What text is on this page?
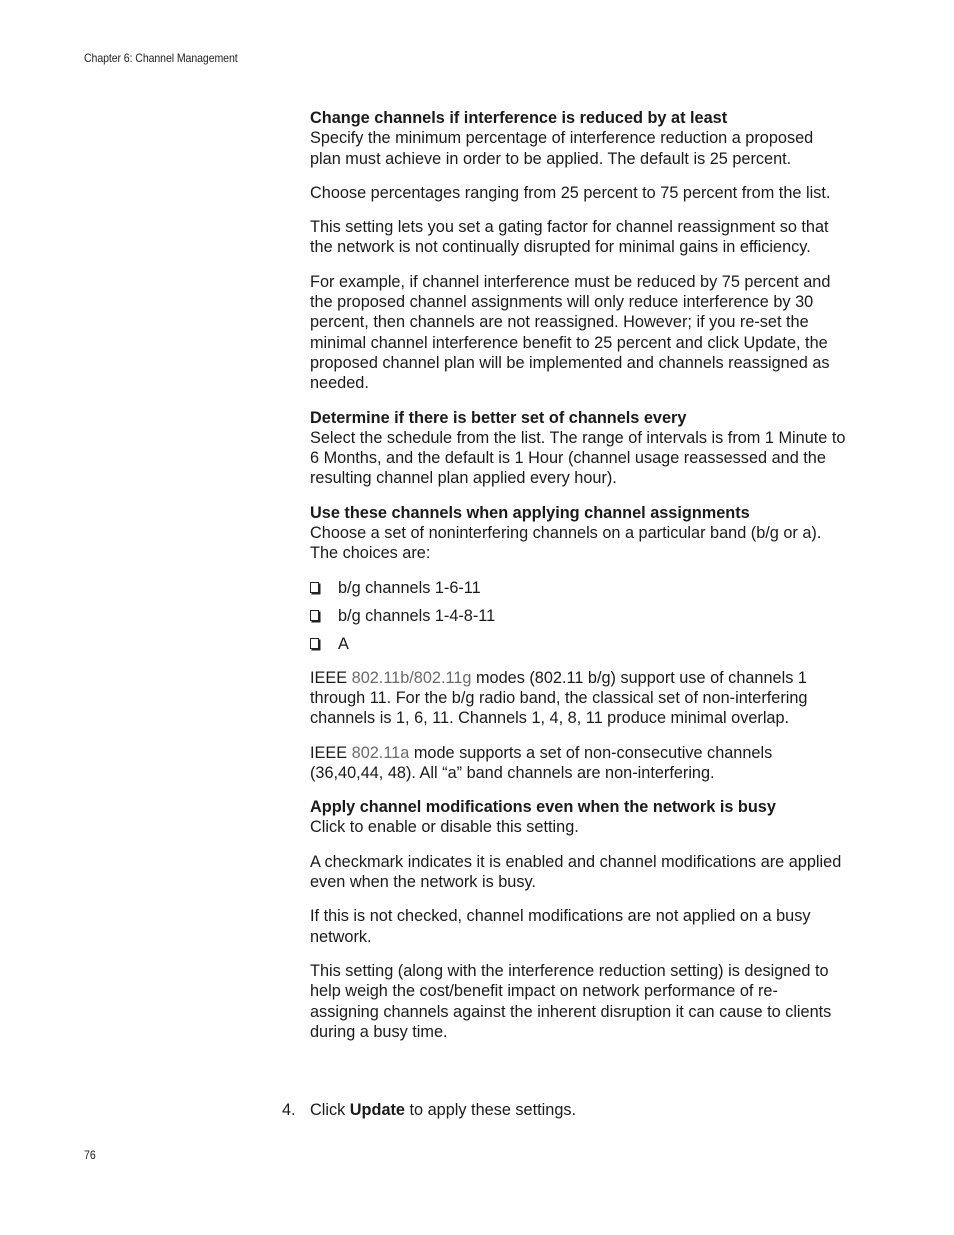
Chapter 6: Channel Management
Change channels if interference is reduced by at least

Specify the minimum percentage of interference reduction a proposed plan must achieve in order to be applied. The default is 25 percent.

Choose percentages ranging from 25 percent to 75 percent from the list.

This setting lets you set a gating factor for channel reassignment so that the network is not continually disrupted for minimal gains in efficiency.

For example, if channel interference must be reduced by 75 percent and the proposed channel assignments will only reduce interference by 30 percent, then channels are not reassigned. However; if you re-set the minimal channel interference benefit to 25 percent and click Update, the proposed channel plan will be implemented and channels reassigned as needed.

Determine if there is better set of channels every

Select the schedule from the list. The range of intervals is from 1 Minute to 6 Months, and the default is 1 Hour (channel usage reassessed and the resulting channel plan applied every hour).

Use these channels when applying channel assignments

Choose a set of noninterfering channels on a particular band (b/g or a). The choices are:

b/g channels 1-6-11
b/g channels 1-4-8-11
A

IEEE 802.11b/802.11g modes (802.11 b/g) support use of channels 1 through 11. For the b/g radio band, the classical set of non-interfering channels is 1, 6, 11. Channels 1, 4, 8, 11 produce minimal overlap.

IEEE 802.11a mode supports a set of non-consecutive channels (36,40,44, 48). All “a” band channels are non-interfering.

Apply channel modifications even when the network is busy

Click to enable or disable this setting.

A checkmark indicates it is enabled and channel modifications are applied even when the network is busy.

If this is not checked, channel modifications are not applied on a busy network.

This setting (along with the interference reduction setting) is designed to help weigh the cost/benefit impact on network performance of re-assigning channels against the inherent disruption it can cause to clients during a busy time.

4. Click Update to apply these settings.
76
